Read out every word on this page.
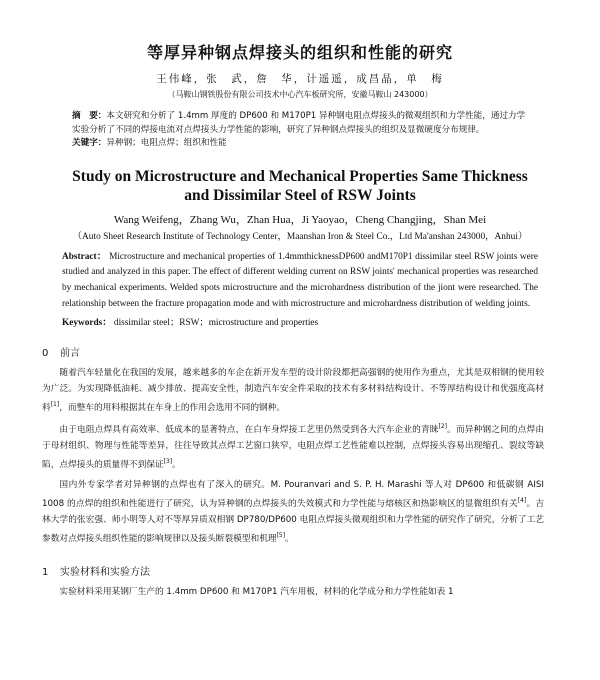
等厚异种钢点焊接头的组织和性能的研究
王伟峰，张　武，詹　华，计遥遥，成昌晶，单　梅
（马鞍山钢铁股份有限公司技术中心汽车板研究所，安徽马鞍山 243000）
摘　要：本文研究和分析了 1.4mm 厚度的 DP600 和 M170P1 异种钢电阻点焊接头的微观组织和力学性能，通过力学实验分析了不同的焊接电流对点焊接头力学性能的影响，研究了异种钢点焊接头的组织及显微硬度分布规律。
关键字：异种钢；电阻点焊；组织和性能
Study on Microstructure and Mechanical Properties Same Thickness and Dissimilar Steel of RSW Joints
Wang Weifeng，Zhang Wu，Zhan Hua，Ji Yaoyao，Cheng Changjing，Shan Mei
（Auto Sheet Research Institute of Technology Center，Maanshan Iron & Steel Co.，Ltd Ma'anshan 243000，Anhui）
Abstract： Microstructure and mechanical properties of 1.4mmthicknessDP600 andM170P1 dissimilar steel RSW joints were studied and analyzed in this paper. The effect of different welding current on RSW joints' mechanical properties was researched by mechanical experiments. Welded spots microstructure and the microhardness distribution of the jiont were researched. The relationship between the fracture propagation mode and with microstructure and microhardness distribution of welding joints.
Keywords： dissimilar steel；RSW；microstructure and properties
0 前言
随着汽车轻量化在我国的发展，越来越多的车企在新开发车型的设计阶段都把高强钢的使用作为重点，尤其是双相钢的使用较为广泛。为实现降低油耗、减少排放、提高安全性，制造汽车安全件采取的技术有多材料结构设计、不等厚结构设计和优强度高材料[1]，而整车的用料根据其在车身上的作用会选用不同的钢种。
由于电阻点焊具有高效率、低成本的显著特点，在白车身焊接工艺里仍然受到各大汽车企业的青睐[2]。而异种钢之间的点焊由于母材组织、物理与性能等差异，往往导致其点焊工艺窗口狭窄，电阻点焊工艺性能难以控制，点焊接头容易出现缩孔、裂纹等缺陷，点焊接头的质量得不到保证[3]。
国内外专家学者对异种钢的点焊也有了深入的研究。M. Pouranvari and S. P. H. Marashi 等人对 DP600 和低碳钢 AISI 1008 的点焊的组织和性能进行了研究，认为异种钢的点焊接头的失效模式和力学性能与熔核区和热影响区的显微组织有关[4]。吉林大学的张宏强、师小明等人对不等厚异质双相钢 DP780/DP600 电阻点焊接头微观组织和力学性能的研究作了研究，分析了工艺参数对点焊接头组织性能的影响规律以及接头断裂模型和机理[5]。
1 实验材料和实验方法
实验材料采用某钢厂生产的 1.4mm DP600 和 M170P1 汽车用板，材料的化学成分和力学性能如表 1
